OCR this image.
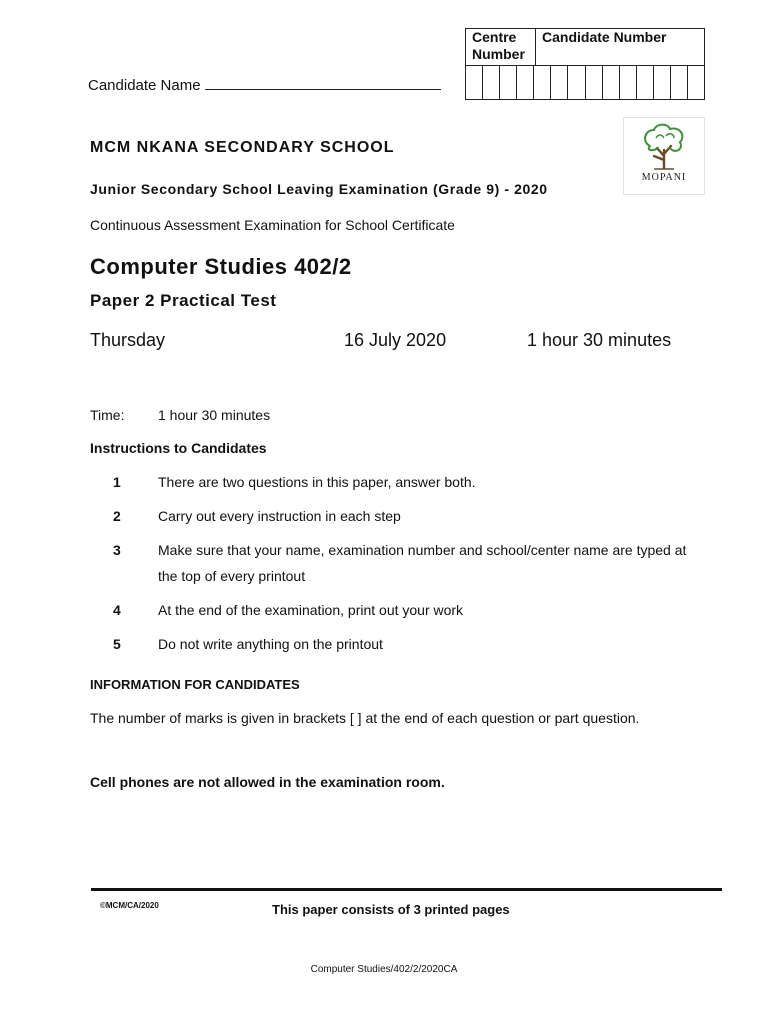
Candidate Name
Centre Number
Candidate Number
MOPANI
MCM NKANA SECONDARY SCHOOL
Junior Secondary School Leaving Examination (Grade 9) - 2020
Continuous Assessment Examination for School Certificate
Computer Studies 402/2
Paper 2 Practical Test
Thursday	16 July 2020	1 hour 30 minutes
Time: 1 hour 30 minutes
Instructions to Candidates
1	There are two questions in this paper, answer both.
2	Carry out every instruction in each step
3	Make sure that your name, examination number and school/center name are typed at the top of every printout
4	At the end of the examination, print out your work
5	Do not write anything on the printout
INFORMATION FOR CANDIDATES
The number of marks is given in brackets [ ] at the end of each question or part question.
Cell phones are not allowed in the examination room.
©MCM/CA/2020	This paper consists of 3 printed pages
Computer Studies/402/2/2020CA
